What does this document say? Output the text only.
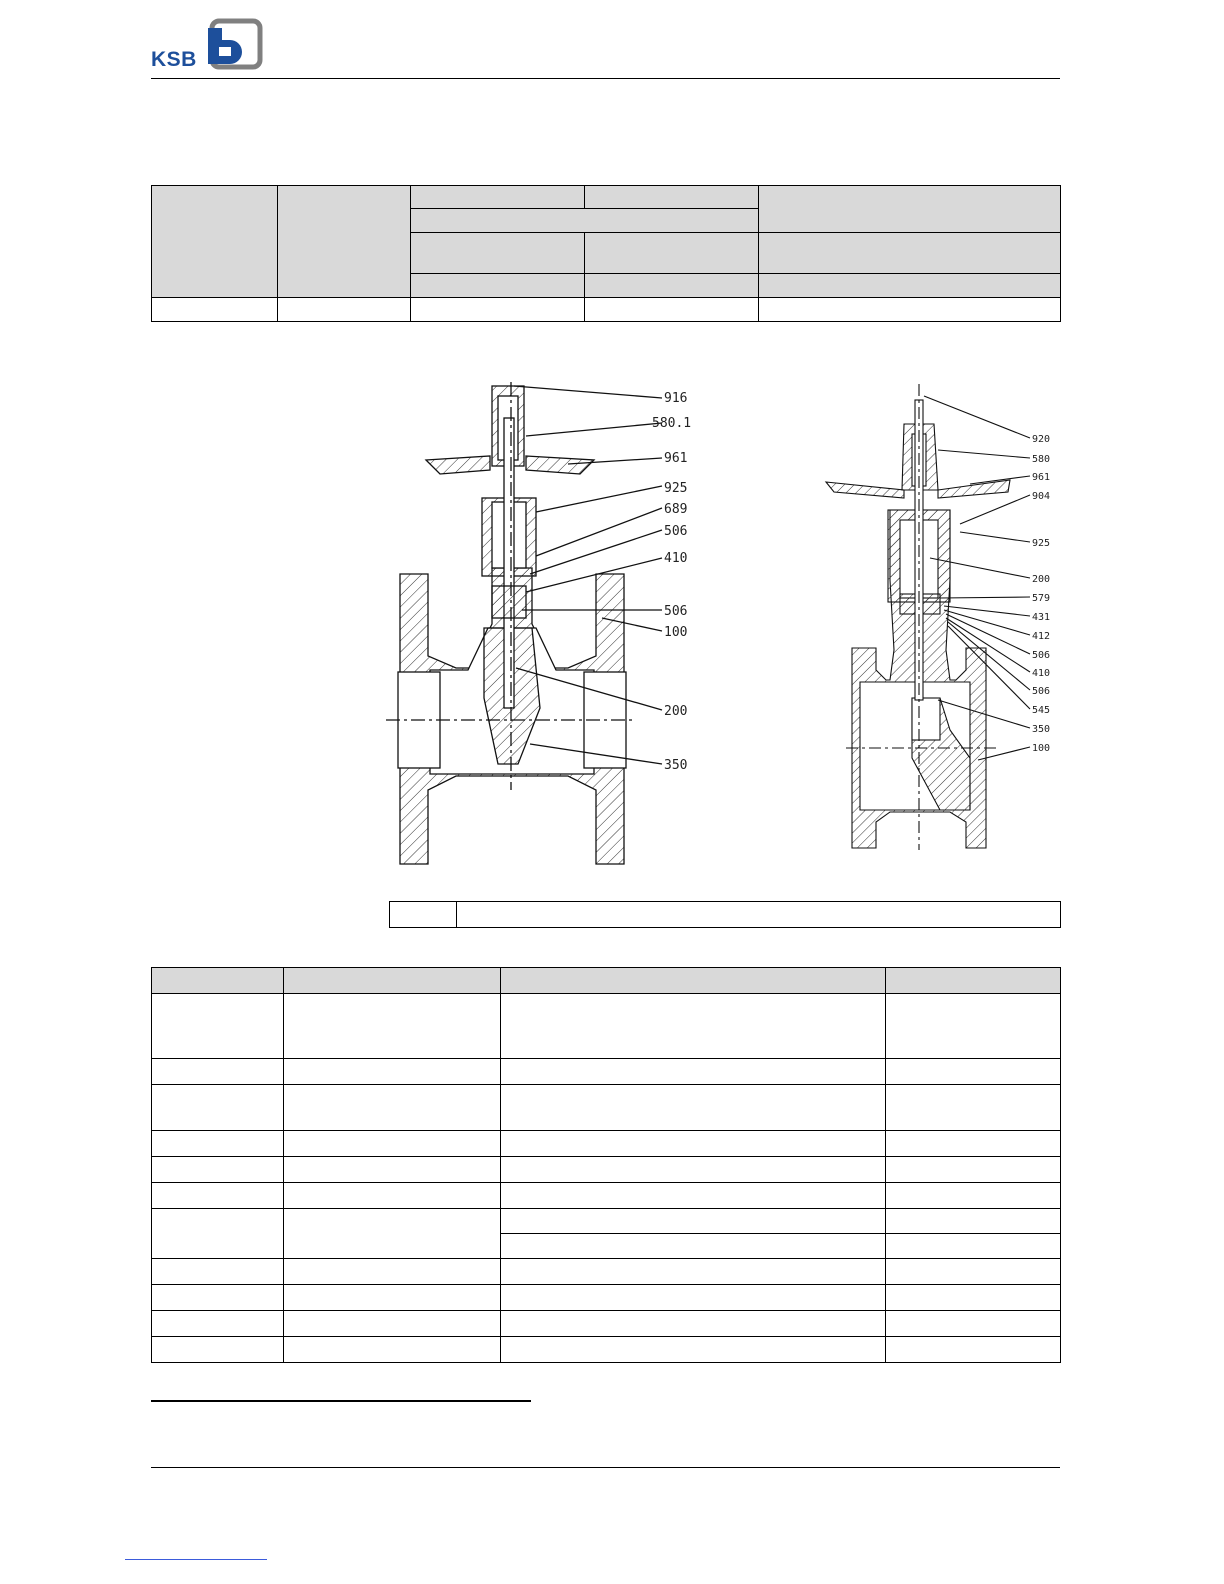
KSB

916
580.1
961
925
689
506
410
506
100
200
350
920
580
961
904
925
200
579
431
412
506
410
506
545
350
100
